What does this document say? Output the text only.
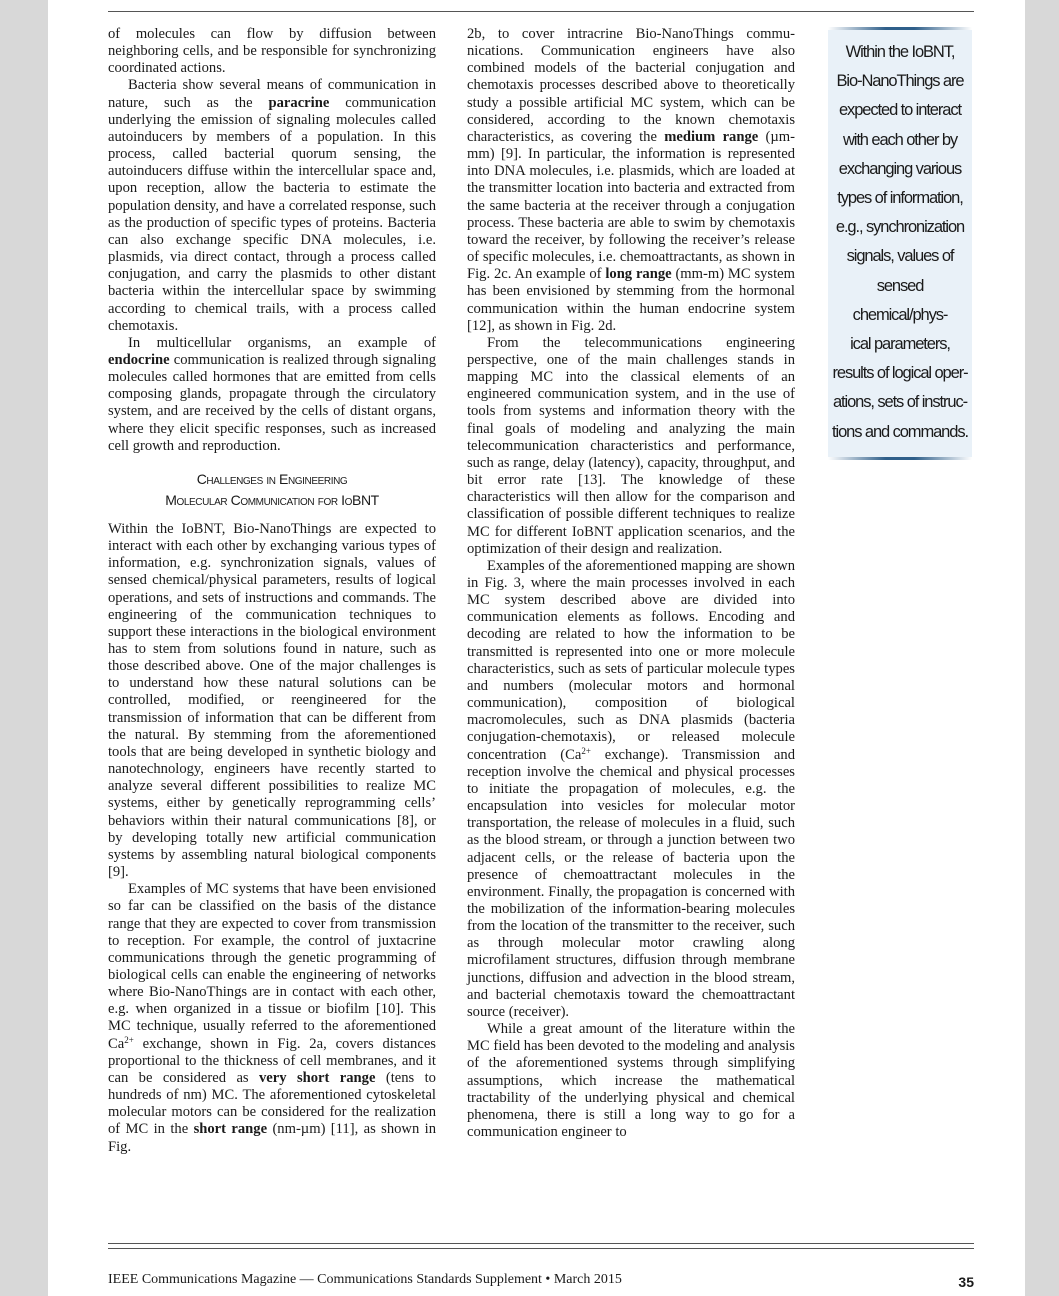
of molecules can flow by diffusion between neighboring cells, and be responsible for synchronizing coordinated actions.

Bacteria show several means of communication in nature, such as the paracrine communication underlying the emission of signaling molecules called autoinducers by members of a population. In this process, called bacterial quorum sensing, the autoinducers diffuse within the intercellular space and, upon reception, allow the bacteria to estimate the population density, and have a correlated response, such as the production of specific types of proteins. Bacteria can also exchange specific DNA molecules, i.e. plasmids, via direct contact, through a process called conjugation, and carry the plasmids to other distant bacteria within the intercellular space by swimming according to chemical trails, with a process called chemotaxis.

In multicellular organisms, an example of endocrine communication is realized through signaling molecules called hormones that are emitted from cells composing glands, propagate through the circulatory system, and are received by the cells of distant organs, where they elicit specific responses, such as increased cell growth and reproduction.

Challenges in Engineering
Molecular Communication for IoBNT

Within the IoBNT, Bio-NanoThings are expected to interact with each other by exchanging various types of information, e.g. synchronization signals, values of sensed chemical/physical parameters, results of logical operations, and sets of instructions and commands. The engineering of the communication techniques to support these interactions in the biological environment has to stem from solutions found in nature, such as those described above. One of the major challenges is to understand how these natural solutions can be controlled, modified, or reengineered for the transmission of information that can be different from the natural. By stemming from the aforementioned tools that are being developed in synthetic biology and nanotechnology, engineers have recently started to analyze several different possibilities to realize MC systems, either by genetically reprogramming cells’ behaviors within their natural communications [8], or by developing totally new artificial communication systems by assembling natural biological components [9].

Examples of MC systems that have been envisioned so far can be classified on the basis of the distance range that they are expected to cover from transmission to reception. For example, the control of juxtacrine communications through the genetic programming of biological cells can enable the engineering of networks where Bio-NanoThings are in contact with each other, e.g. when organized in a tissue or biofilm [10]. This MC technique, usually referred to the aforementioned $Ca^{2+}$ exchange, shown in Fig. 2a, covers distances proportional to the thickness of cell membranes, and it can be considered as very short range (tens to hundreds of nm) MC. The aforementioned cytoskeletal molecular motors can be considered for the realization of MC in the short range (nm-µm) [11], as shown in Fig.

2b, to cover intracrine Bio-NanoThings communications. Communication engineers have also combined models of the bacterial conjugation and chemotaxis processes described above to theoretically study a possible artificial MC system, which can be considered, according to the known chemotaxis characteristics, as covering the medium range (µm-mm) [9]. In particular, the information is represented into DNA molecules, i.e. plasmids, which are loaded at the transmitter location into bacteria and extracted from the same bacteria at the receiver through a conjugation process. These bacteria are able to swim by chemotaxis toward the receiver, by following the receiver’s release of specific molecules, i.e. chemoattractants, as shown in Fig. 2c. An example of long range (mm-m) MC system has been envisioned by stemming from the hormonal communication within the human endocrine system [12], as shown in Fig. 2d.

From the telecommunications engineering perspective, one of the main challenges stands in mapping MC into the classical elements of an engineered communication system, and in the use of tools from systems and information theory with the final goals of modeling and analyzing the main telecommunication characteristics and performance, such as range, delay (latency), capacity, throughput, and bit error rate [13]. The knowledge of these characteristics will then allow for the comparison and classification of possible different techniques to realize MC for different IoBNT application scenarios, and the optimization of their design and realization.

Examples of the aforementioned mapping are shown in Fig. 3, where the main processes involved in each MC system described above are divided into communication elements as follows. Encoding and decoding are related to how the information to be transmitted is represented into one or more molecule characteristics, such as sets of particular molecule types and numbers (molecular motors and hormonal communication), composition of biological macromolecules, such as DNA plasmids (bacteria conjugation-chemotaxis), or released molecule concentration ($Ca^{2+}$ exchange). Transmission and reception involve the chemical and physical processes to initiate the propagation of molecules, e.g. the encapsulation into vesicles for molecular motor transportation, the release of molecules in a fluid, such as the blood stream, or through a junction between two adjacent cells, or the release of bacteria upon the presence of chemoattractant molecules in the environment. Finally, the propagation is concerned with the mobilization of the information-bearing molecules from the location of the transmitter to the receiver, such as through molecular motor crawling along microfilament structures, diffusion through membrane junctions, diffusion and advection in the blood stream, and bacterial chemotaxis toward the chemoattractant source (receiver).

While a great amount of the literature within the MC field has been devoted to the modeling and analysis of the aforementioned systems through simplifying assumptions, which increase the mathematical tractability of the underlying physical and chemical phenomena, there is still a long way to go for a communication engineer to

Within the IoBNT,
Bio-NanoThings are
expected to interact
with each other by
exchanging various
types of information,
e.g., synchronization
signals, values of
sensed chemical/phys-
ical parameters,
results of logical oper-
ations, sets of instruc-
tions and commands.
IEEE Communications Magazine — Communications Standards Supplement • March 2015	35
